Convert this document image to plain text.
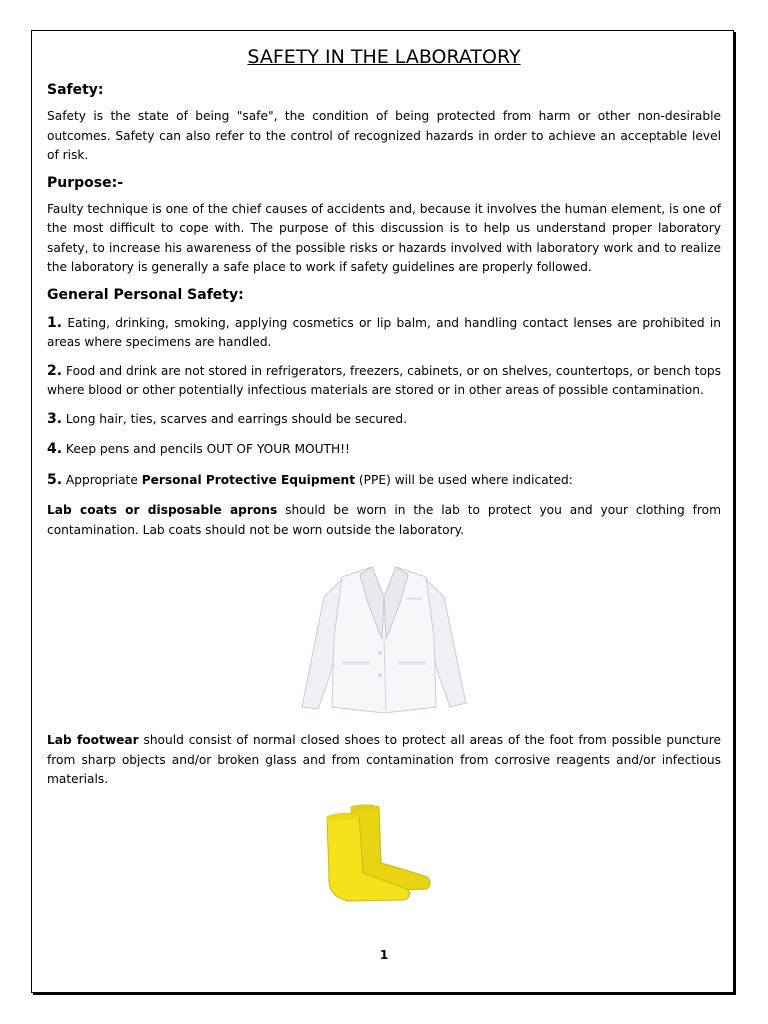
SAFETY IN THE LABORATORY
Safety:

Safety is the state of being "safe", the condition of being protected from harm or other non-desirable outcomes. Safety can also refer to the control of recognized hazards in order to achieve an acceptable level of risk.

Purpose:-

Faulty technique is one of the chief causes of accidents and, because it involves the human element, is one of the most difficult to cope with. The purpose of this discussion is to help us understand proper laboratory safety, to increase his awareness of the possible risks or hazards involved with laboratory work and to realize the laboratory is generally a safe place to work if safety guidelines are properly followed.

General Personal Safety:

1. Eating, drinking, smoking, applying cosmetics or lip balm, and handling contact lenses are prohibited in areas where specimens are handled.

2. Food and drink are not stored in refrigerators, freezers, cabinets, or on shelves, countertops, or bench tops where blood or other potentially infectious materials are stored or in other areas of possible contamination.

3. Long hair, ties, scarves and earrings should be secured.

4. Keep pens and pencils OUT OF YOUR MOUTH!!

5. Appropriate Personal Protective Equipment (PPE) will be used where indicated:

Lab coats or disposable aprons should be worn in the lab to protect you and your clothing from contamination. Lab coats should not be worn outside the laboratory.

Lab footwear should consist of normal closed shoes to protect all areas of the foot from possible puncture from sharp objects and/or broken glass and from contamination from corrosive reagents and/or infectious materials.

1
